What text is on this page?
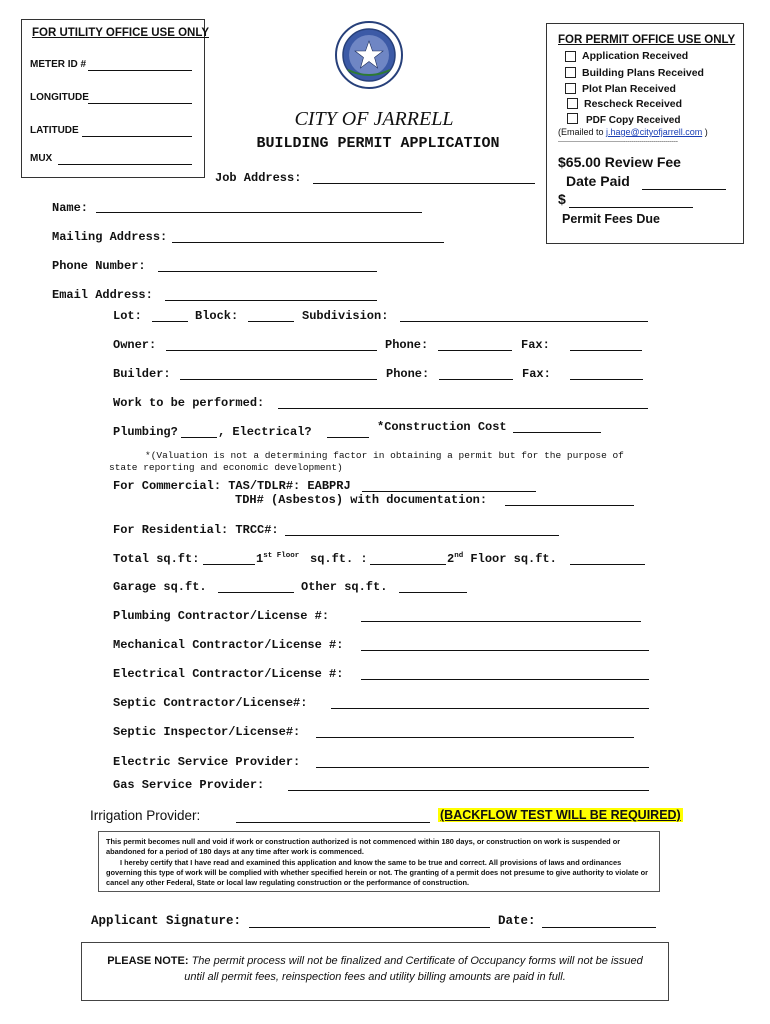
FOR UTILITY OFFICE USE ONLY
METER ID #
LONGITUDE
LATITUDE
MUX
CITY OF JARRELL
BUILDING PERMIT APPLICATION
FOR PERMIT OFFICE USE ONLY
Application Received
Building Plans Received
Plot Plan Received
Rescheck Received
PDF Copy Received
(Emailed to j.hage@cityofjarrell.com )
------------------------------------------------------------
$65.00 Review Fee
Date Paid
$
Permit Fees Due
Job Address:
Name:
Mailing Address:
Phone Number:
Email Address:
Lot:	Block:	Subdivision:
Owner:	Phone:	Fax:
Builder:	Phone:	Fax:
Work to be performed:
Plumbing?	, Electrical?	*Construction Cost
*(Valuation is not a determining factor in obtaining a permit but for the purpose of
state reporting and economic development)
For Commercial: TAS/TDLR#: EABPRJ
TDH# (Asbestos) with documentation:
For Residential: TRCC#:
Total sq.ft:	$1^{st Floor}$ sq.ft. :	2nd Floor sq.ft.
Garage sq.ft.	Other sq.ft.
Plumbing Contractor/License #:
Mechanical Contractor/License #:
Electrical Contractor/License #:
Septic Contractor/License#:
Septic Inspector/License#:
Electric Service Provider:
Gas Service Provider:
Irrigation Provider:	(BACKFLOW TEST WILL BE REQUIRED)
This permit becomes null and void if work or construction authorized is not commenced within 180 days, or construction on work is suspended or abandoned for a period of 180 days at any time after work is commenced.
I hereby certify that I have read and examined this application and know the same to be true and correct. All provisions of laws and ordinances governing this type of work will be complied with whether specified herein or not. The granting of a permit does not presume to give authority to violate or cancel any other Federal, State or local law regulating construction or the performance of construction.
Applicant Signature:	Date:
PLEASE NOTE: The permit process will not be finalized and Certificate of Occupancy forms will not be issued
until all permit fees, reinspection fees and utility billing amounts are paid in full.
